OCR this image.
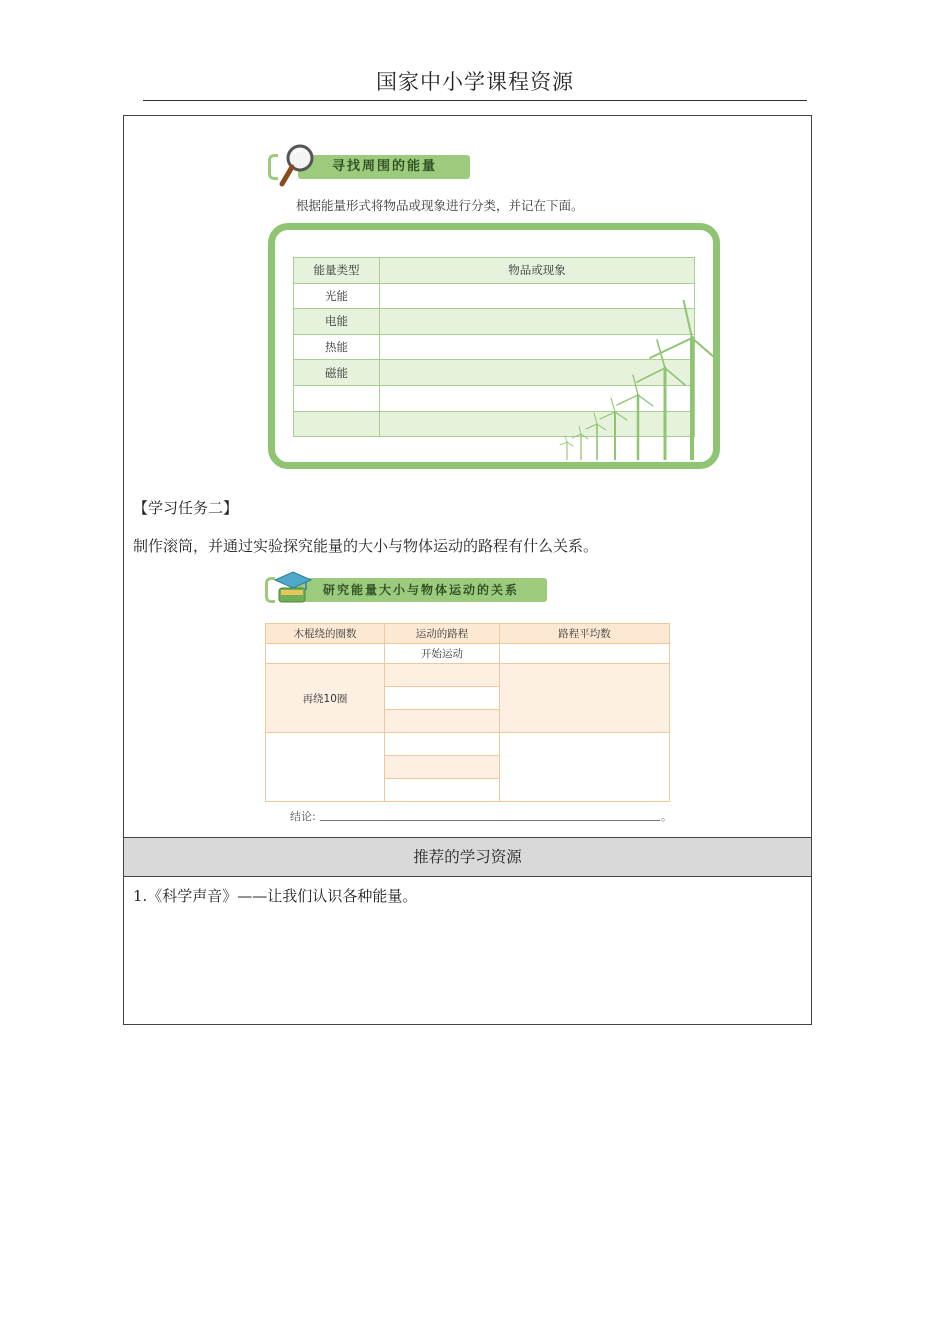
国家中小学课程资源
寻找周围的能量
根据能量形式将物品或现象进行分类，并记在下面。
能量类型	物品或现象
光能	
电能	
热能	
磁能	

【学习任务二】
制作滚筒，并通过实验探究能量的大小与物体运动的路程有什么关系。
研究能量大小与物体运动的关系
木棍绕的圈数	运动的路程	路程平均数
	开始运动	
再绕10圈		

结论:	。
推荐的学习资源
1.《科学声音》——让我们认识各种能量。
